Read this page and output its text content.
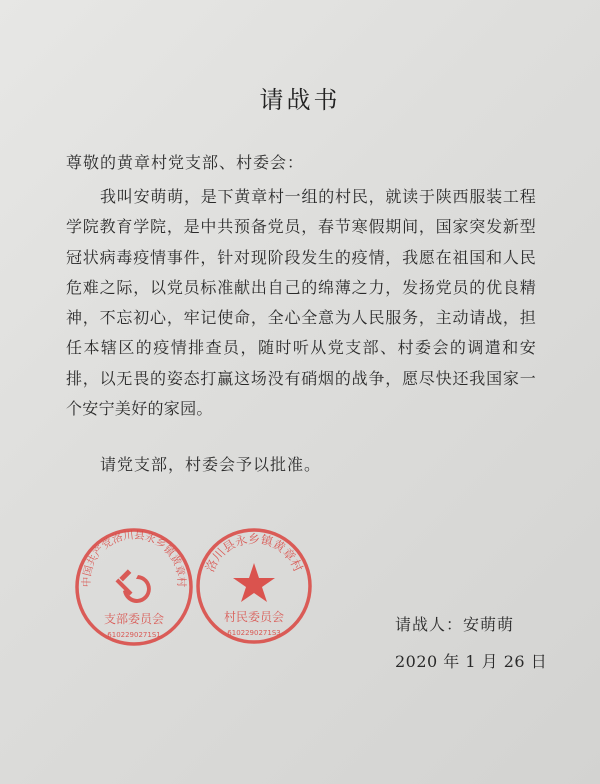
请战书
尊敬的黄章村党支部、村委会：
我叫安萌萌，是下黄章村一组的村民，就读于陕西服装工程学院教育学院，是中共预备党员，春节寒假期间，国家突发新型冠状病毒疫情事件，针对现阶段发生的疫情，我愿在祖国和人民危难之际，以党员标准献出自己的绵薄之力，发扬党员的优良精神，不忘初心，牢记使命，全心全意为人民服务，主动请战，担任本辖区的疫情排查员，随时听从党支部、村委会的调遣和安排，以无畏的姿态打赢这场没有硝烟的战争，愿尽快还我国家一个安宁美好的家园。
请党支部，村委会予以批准。
中国共产党洛川县永乡镇黄章村
支部委员会
6102290271S1
洛川县永乡镇黄章村
村民委员会
6102290271S3	请战人：安萌萌
2020 年 1 月 26 日
